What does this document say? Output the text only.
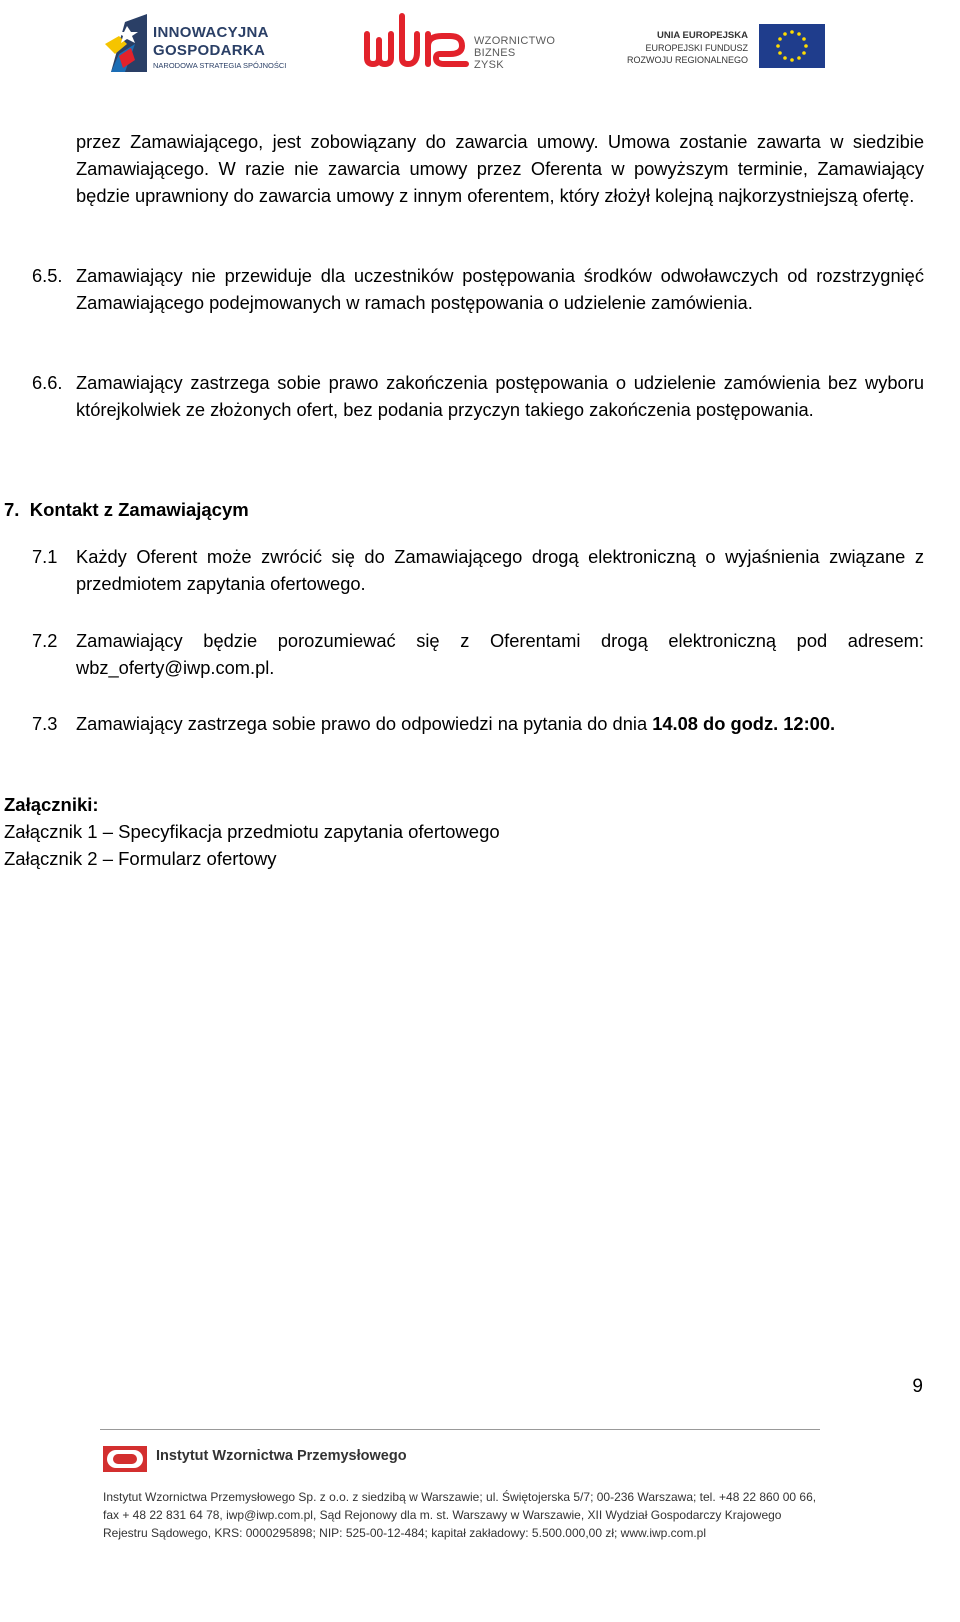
INNOWACYJNA
GOSPODARKA
NARODOWA STRATEGIA SPÓJNOŚCI
WZORNICTWO
BIZNES
ZYSK
UNIA EUROPEJSKA
EUROPEJSKI FUNDUSZ
ROZWOJU REGIONALNEGO
przez Zamawiającego, jest zobowiązany do zawarcia umowy. Umowa zostanie zawarta w siedzibie Zamawiającego. W razie nie zawarcia umowy przez Oferenta w powyższym terminie, Zamawiający będzie uprawniony do zawarcia umowy z innym oferentem, który złożył kolejną najkorzystniejszą ofertę.
6.5. Zamawiający nie przewiduje dla uczestników postępowania środków odwoławczych od rozstrzygnięć Zamawiającego podejmowanych w ramach postępowania o udzielenie zamówienia.
6.6. Zamawiający zastrzega sobie prawo zakończenia postępowania o udzielenie zamówienia bez wyboru którejkolwiek ze złożonych ofert, bez podania przyczyn takiego zakończenia postępowania.
7.  Kontakt z Zamawiającym
7.1 Każdy Oferent może zwrócić się do Zamawiającego drogą elektroniczną o wyjaśnienia związane z przedmiotem zapytania ofertowego.
7.2 Zamawiający będzie porozumiewać się z Oferentami drogą elektroniczną pod adresem: wbz_oferty@iwp.com.pl.
7.3 Zamawiający zastrzega sobie prawo do odpowiedzi na pytania do dnia 14.08 do godz. 12:00.
Załączniki:
Załącznik 1 – Specyfikacja przedmiotu zapytania ofertowego
Załącznik 2 – Formularz ofertowy
9
Instytut Wzornictwa Przemysłowego
Instytut Wzornictwa Przemysłowego Sp. z o.o. z siedzibą w Warszawie; ul. Świętojerska 5/7; 00-236 Warszawa; tel. +48 22 860 00 66,
fax + 48 22 831 64 78, iwp@iwp.com.pl, Sąd Rejonowy dla m. st. Warszawy w Warszawie, XII Wydział Gospodarczy Krajowego
Rejestru Sądowego, KRS: 0000295898; NIP: 525-00-12-484; kapitał zakładowy: 5.500.000,00 zł; www.iwp.com.pl
